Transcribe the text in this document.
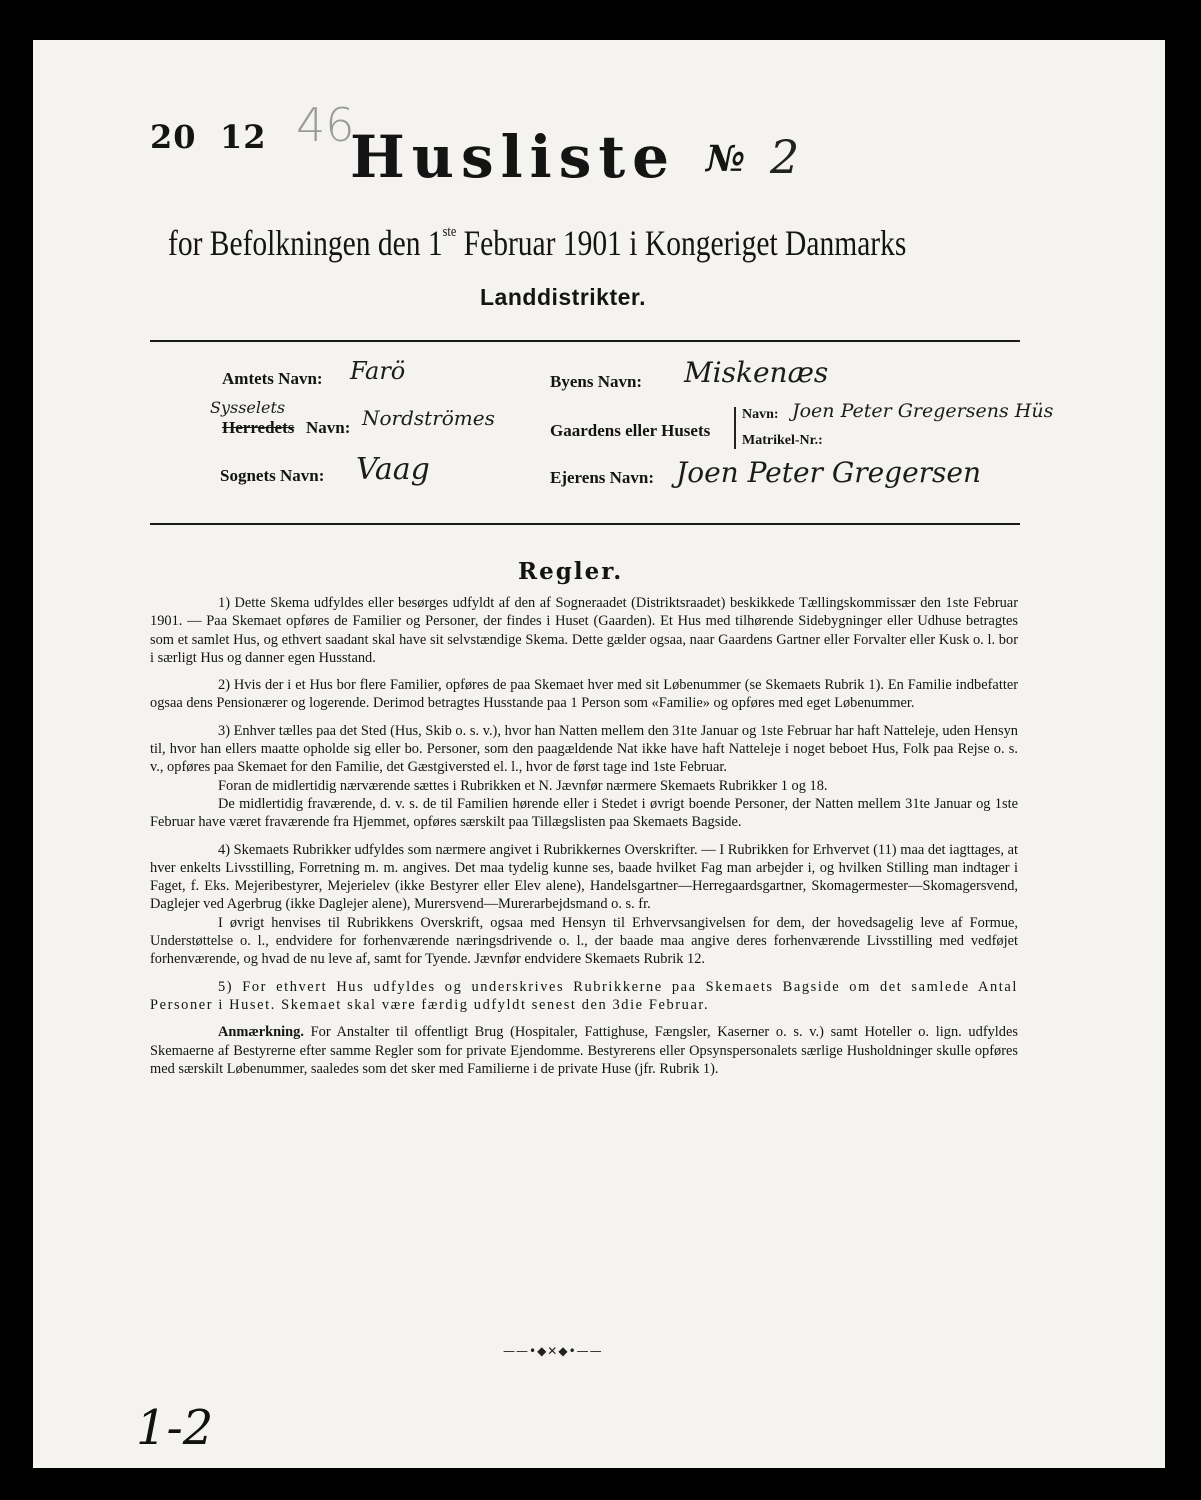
20 12 46
Husliste № 2
for Befolkningen den 1ste Februar 1901 i Kongeriget Danmarks
Landdistrikter.
Amtets Navn: Farö
Sysselets
Herredets Navn: Nordströmes
Sognets Navn: Vaag
Byens Navn: Miskenæs
Gaardens eller Husets
Navn: Joen Peter Gregersens Hüs
Matrikel-Nr.:
Ejerens Navn: Joen Peter Gregersen
Regler.

1) Dette Skema udfyldes eller besørges udfyldt af den af Sogneraadet (Distriktsraadet) beskikkede Tællingskommissær den 1ste Februar 1901. — Paa Skemaet opføres de Familier og Personer, der findes i Huset (Gaarden). Et Hus med tilhørende Sidebygninger eller Udhuse betragtes som et samlet Hus, og ethvert saadant skal have sit selvstændige Skema. Dette gælder ogsaa, naar Gaardens Gartner eller Forvalter eller Kusk o. l. bor i særligt Hus og danner egen Husstand.

2) Hvis der i et Hus bor flere Familier, opføres de paa Skemaet hver med sit Løbenummer (se Skemaets Rubrik 1). En Familie indbefatter ogsaa dens Pensionærer og logerende. Derimod betragtes Husstande paa 1 Person som «Familie» og opføres med eget Løbenummer.

3) Enhver tælles paa det Sted (Hus, Skib o. s. v.), hvor han Natten mellem den 31te Januar og 1ste Februar har haft Natteleje, uden Hensyn til, hvor han ellers maatte opholde sig eller bo. Personer, som den paagældende Nat ikke have haft Natteleje i noget beboet Hus, Folk paa Rejse o. s. v., opføres paa Skemaet for den Familie, det Gæstgiversted el. l., hvor de først tage ind 1ste Februar.

Foran de midlertidig nærværende sættes i Rubrikken et N. Jævnfør nærmere Skemaets Rubrikker 1 og 18.

De midlertidig fraværende, d. v. s. de til Familien hørende eller i Stedet i øvrigt boende Personer, der Natten mellem 31te Januar og 1ste Februar have været fraværende fra Hjemmet, opføres særskilt paa Tillægslisten paa Skemaets Bagside.

4) Skemaets Rubrikker udfyldes som nærmere angivet i Rubrikkernes Overskrifter. — I Rubrikken for Erhvervet (11) maa det iagttages, at hver enkelts Livsstilling, Forretning m. m. angives. Det maa tydelig kunne ses, baade hvilket Fag man arbejder i, og hvilken Stilling man indtager i Faget, f. Eks. Mejeribestyrer, Mejerielev (ikke Bestyrer eller Elev alene), Handelsgartner—Herregaardsgartner, Skomagermester—Skomagersvend, Daglejer ved Agerbrug (ikke Daglejer alene), Murersvend—Murerarbejdsmand o. s. fr.

I øvrigt henvises til Rubrikkens Overskrift, ogsaa med Hensyn til Erhvervsangivelsen for dem, der hovedsagelig leve af Formue, Understøttelse o. l., endvidere for forhenværende næringsdrivende o. l., der baade maa angive deres forhenværende Livsstilling med vedføjet forhenværende, og hvad de nu leve af, samt for Tyende. Jævnfør endvidere Skemaets Rubrik 12.

5) For ethvert Hus udfyldes og underskrives Rubrikkerne paa Skemaets Bagside om det samlede Antal Personer i Huset. Skemaet skal være færdig udfyldt senest den 3die Februar.

Anmærkning. For Anstalter til offentligt Brug (Hospitaler, Fattighuse, Fængsler, Kaserner o. s. v.) samt Hoteller o. lign. udfyldes Skemaerne af Bestyrerne efter samme Regler som for private Ejendomme. Bestyrerens eller Opsynspersonalets særlige Husholdninger skulle opføres med særskilt Løbenummer, saaledes som det sker med Familierne i de private Huse (jfr. Rubrik 1).

——•◆✕◆•——
1-2
